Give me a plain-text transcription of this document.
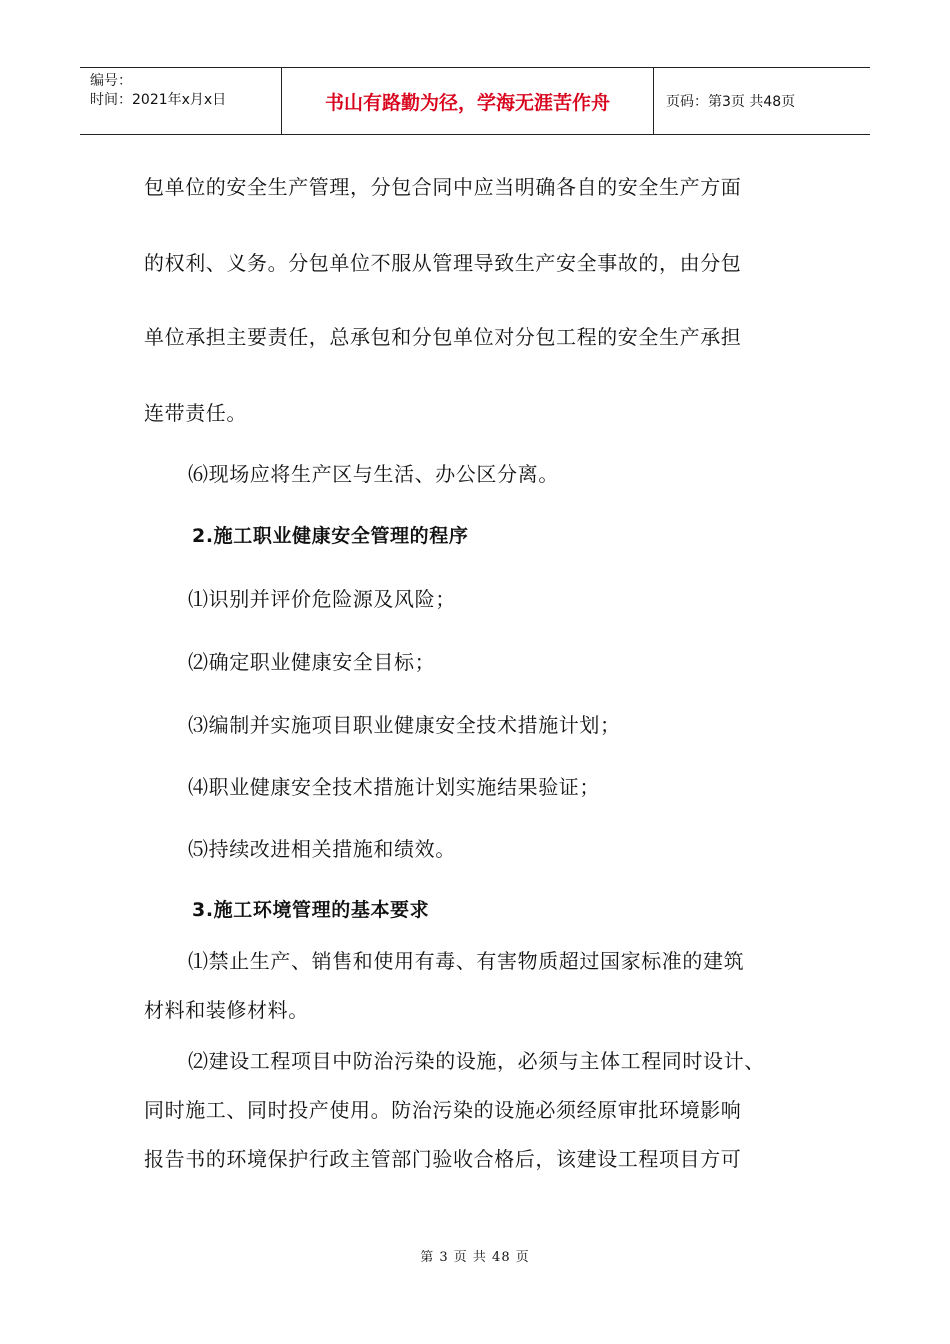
编号：
时间：2021年x月x日	书山有路勤为径，学海无涯苦作舟	页码：第3页 共48页
包单位的安全生产管理，分包合同中应当明确各自的安全生产方面
的权利、义务。分包单位不服从管理导致生产安全事故的，由分包
单位承担主要责任，总承包和分包单位对分包工程的安全生产承担
连带责任。
⑹现场应将生产区与生活、办公区分离。
2.施工职业健康安全管理的程序
⑴识别并评价危险源及风险；
⑵确定职业健康安全目标；
⑶编制并实施项目职业健康安全技术措施计划；
⑷职业健康安全技术措施计划实施结果验证；
⑸持续改进相关措施和绩效。
3.施工环境管理的基本要求
⑴禁止生产、销售和使用有毒、有害物质超过国家标准的建筑
材料和装修材料。
⑵建设工程项目中防治污染的设施，必须与主体工程同时设计、
同时施工、同时投产使用。防治污染的设施必须经原审批环境影响
报告书的环境保护行政主管部门验收合格后，该建设工程项目方可
第 3 页 共 48 页
